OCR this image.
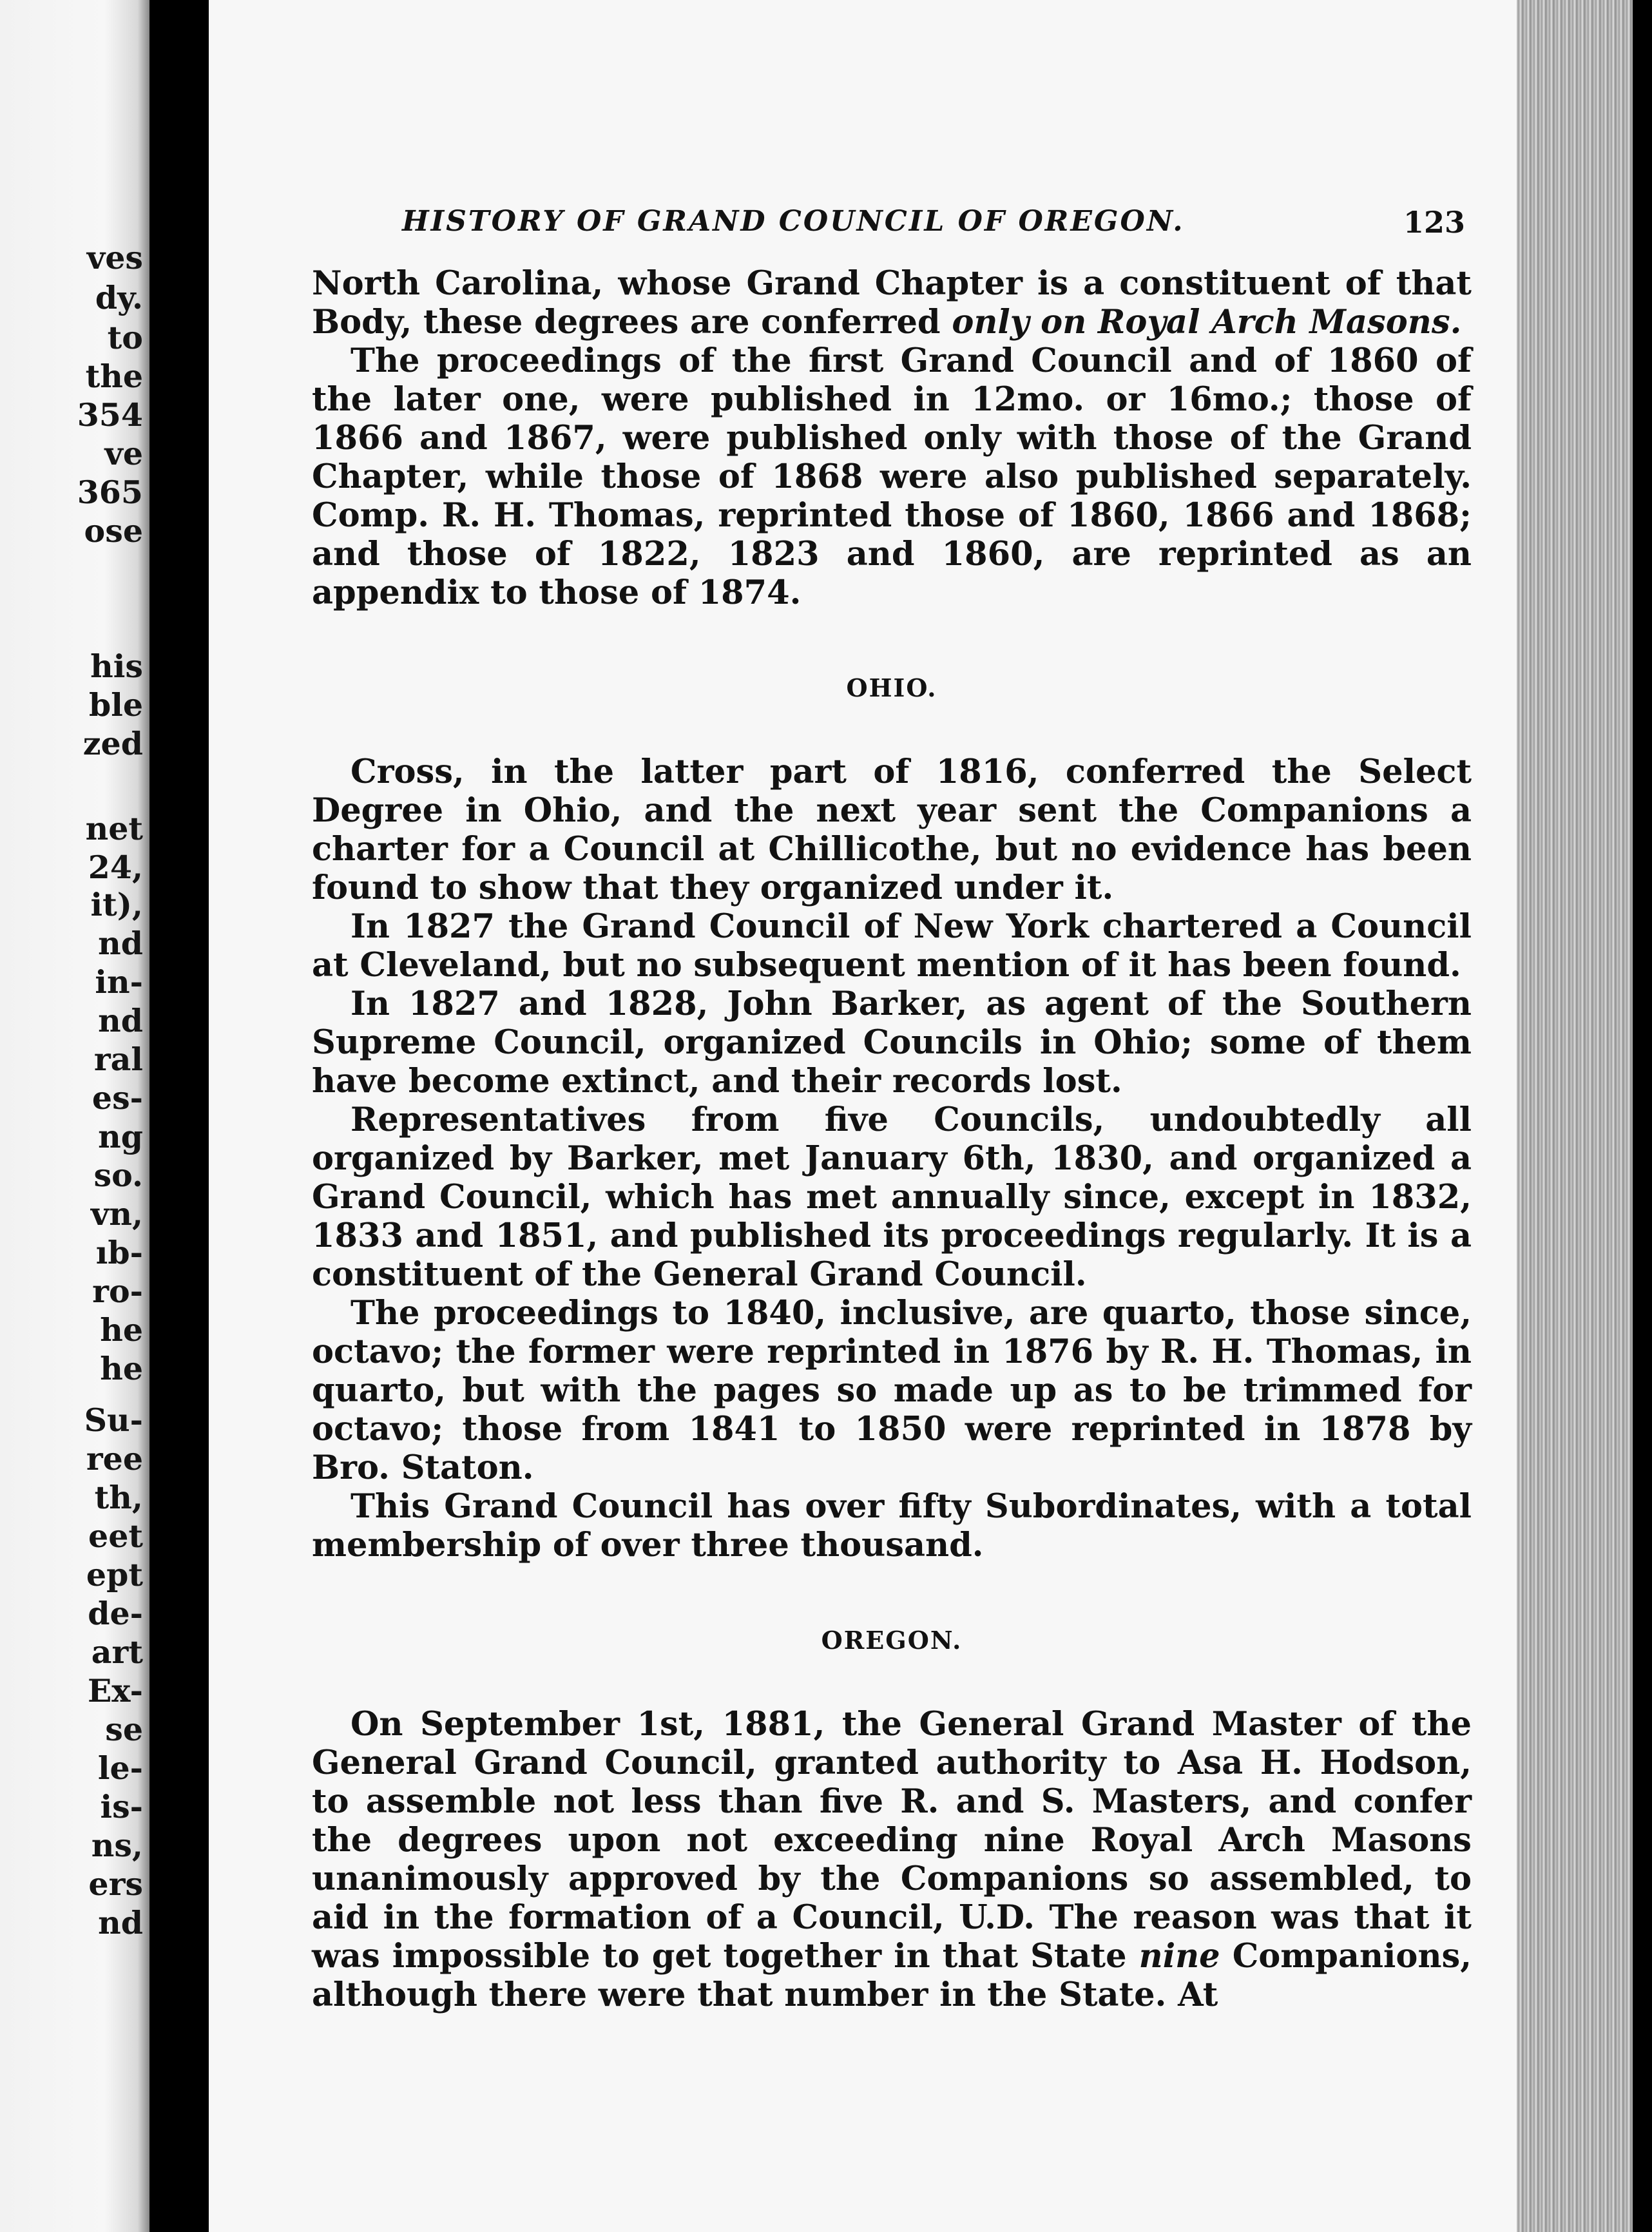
ves
dy.
to
the
354
ve
365
ose
his
ble
zed
net
24,
it),
nd
in-
nd
ral
es-
ng
so.
vn,
ıb-
ro-
he
he
Su-
ree
th,
eet
ept
de-
art
Ex-
se
le-
is-
ns,
ers
nd
HISTORY OF GRAND COUNCIL OF OREGON.	123

North Carolina, whose Grand Chapter is a constituent of that Body, these degrees are conferred only on Royal Arch Masons.

The proceedings of the first Grand Council and of 1860 of the later one, were published in 12mo. or 16mo.; those of 1866 and 1867, were published only with those of the Grand Chapter, while those of 1868 were also published separately. Comp. R. H. Thomas, reprinted those of 1860, 1866 and 1868; and those of 1822, 1823 and 1860, are reprinted as an appendix to those of 1874.

OHIO.

Cross, in the latter part of 1816, conferred the Select Degree in Ohio, and the next year sent the Companions a charter for a Council at Chillicothe, but no evidence has been found to show that they organized under it.

In 1827 the Grand Council of New York chartered a Council at Cleveland, but no subsequent mention of it has been found.

In 1827 and 1828, John Barker, as agent of the Southern Supreme Council, organized Councils in Ohio; some of them have become extinct, and their records lost.

Representatives from five Councils, undoubtedly all organized by Barker, met January 6th, 1830, and organized a Grand Council, which has met annually since, except in 1832, 1833 and 1851, and published its proceedings regularly. It is a constituent of the General Grand Council.

The proceedings to 1840, inclusive, are quarto, those since, octavo; the former were reprinted in 1876 by R. H. Thomas, in quarto, but with the pages so made up as to be trimmed for octavo; those from 1841 to 1850 were reprinted in 1878 by Bro. Staton.

This Grand Council has over fifty Subordinates, with a total membership of over three thousand.

OREGON.

On September 1st, 1881, the General Grand Master of the General Grand Council, granted authority to Asa H. Hodson, to assemble not less than five R. and S. Masters, and confer the degrees upon not exceeding nine Royal Arch Masons unanimously approved by the Companions so assembled, to aid in the formation of a Council, U.D. The reason was that it was impossible to get together in that State nine Companions, although there were that number in the State. At
